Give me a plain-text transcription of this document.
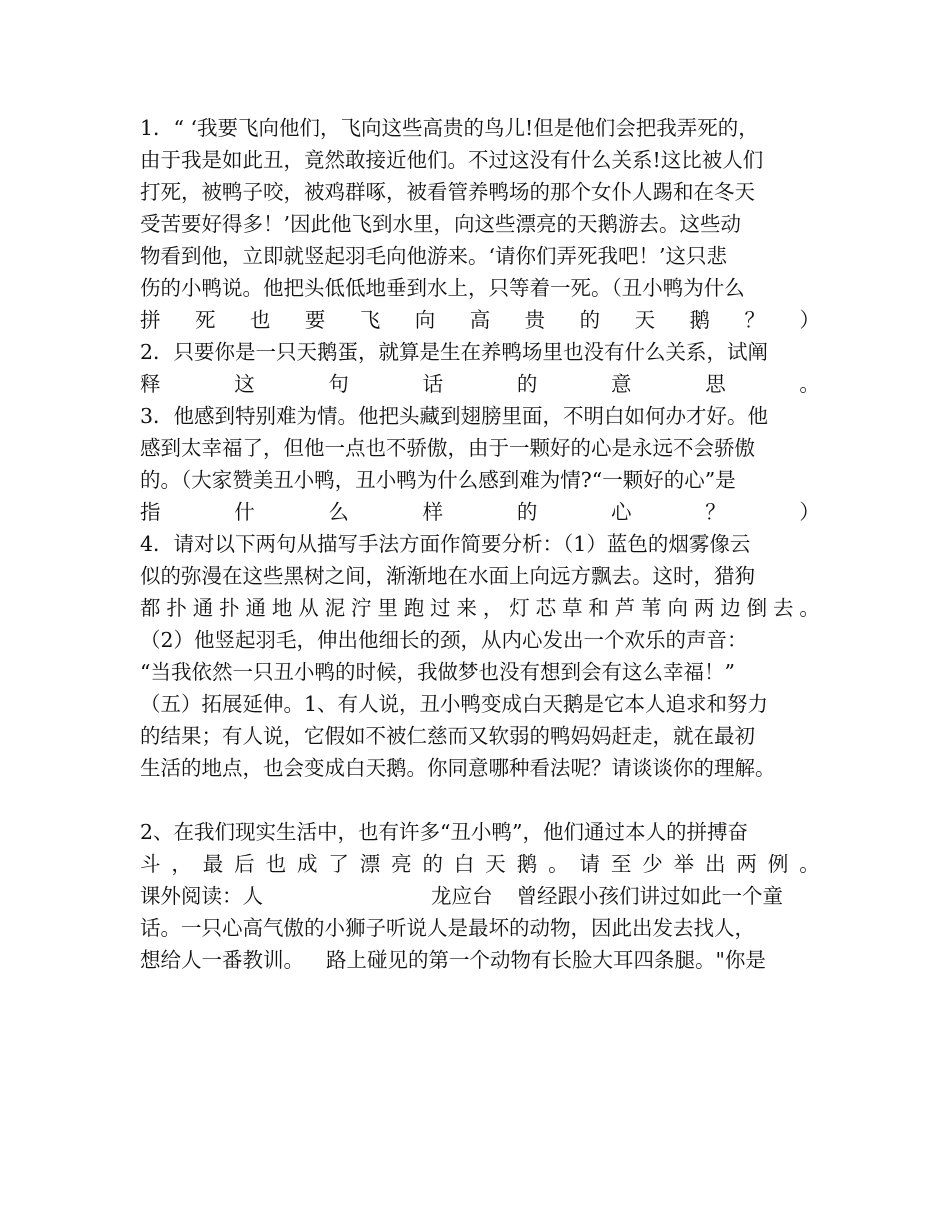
1．“ ‘我要飞向他们，飞向这些高贵的鸟儿!但是他们会把我弄死的，
由于我是如此丑，竟然敢接近他们。不过这没有什么关系!这比被人们
打死，被鸭子咬，被鸡群啄，被看管养鸭场的那个女仆人踢和在冬天
受苦要好得多！’因此他飞到水里，向这些漂亮的天鹅游去。这些动
物看到他，立即就竖起羽毛向他游来。‘请你们弄死我吧！’这只悲
伤的小鸭说。他把头低低地垂到水上，只等着一死。（丑小鸭为什么
拼 死 也 要 飞 向 高 贵 的 天 鹅 ？ ）
2．只要你是一只天鹅蛋，就算是生在养鸭场里也没有什么关系，试阐
释	这	句	话	的	意	思	。
3．他感到特别难为情。他把头藏到翅膀里面，不明白如何办才好。他
感到太幸福了，但他一点也不骄傲，由于一颗好的心是永远不会骄傲
的。（大家赞美丑小鸭，丑小鸭为什么感到难为情?“一颗好的心”是
指	什	么	样	的	心	？	）
4．请对以下两句从描写手法方面作简要分析：（1）蓝色的烟雾像云
似的弥漫在这些黑树之间，渐渐地在水面上向远方飘去。这时，猎狗
都 扑 通 扑 通 地 从 泥 泞 里 跑 过 来 ， 灯 芯 草 和 芦 苇 向 两 边 倒 去 。
（2）他竖起羽毛，伸出他细长的颈，从内心发出一个欢乐的声音：
“当我依然一只丑小鸭的时候，我做梦也没有想到会有这么幸福！”
（五）拓展延伸。1、有人说，丑小鸭变成白天鹅是它本人追求和努力
的结果；有人说，它假如不被仁慈而又软弱的鸭妈妈赶走，就在最初
生活的地点，也会变成白天鹅。你同意哪种看法呢？请谈谈你的理解。
2、在我们现实生活中，也有许多“丑小鸭”，他们通过本人的拼搏奋
斗 ， 最 后 也 成 了 漂 亮 的 白 天 鹅 。 请 至 少 举 出 两 例 。
课外阅读：人	龙应台 曾经跟小孩们讲过如此一个童
话。一只心高气傲的小狮子听说人是最坏的动物，因此出发去找人，
想给人一番教训。 路上碰见的第一个动物有长脸大耳四条腿。"你是
